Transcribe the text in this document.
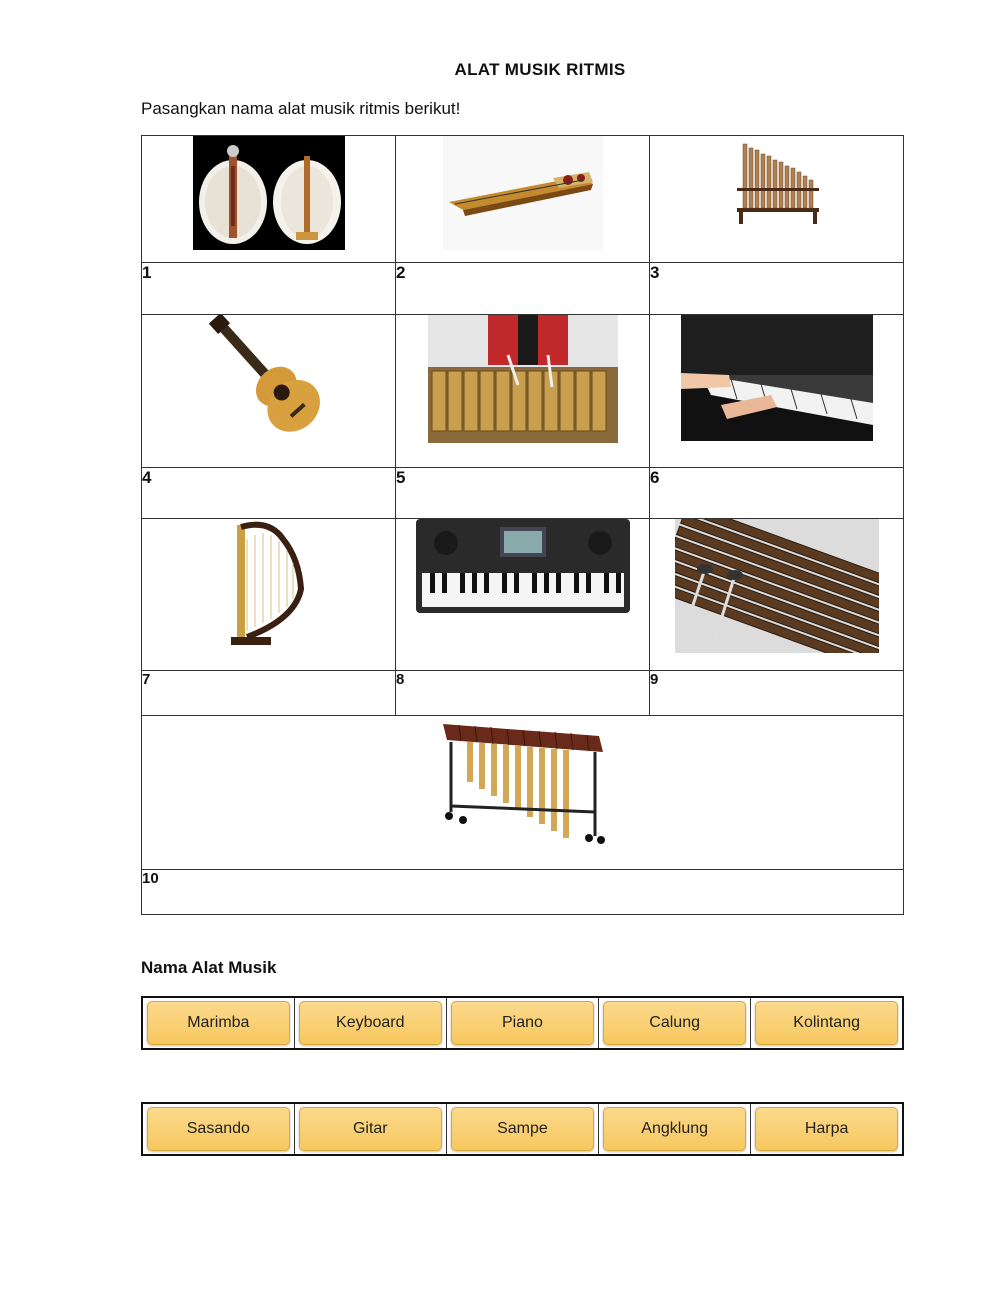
ALAT MUSIK RITMIS
Pasangkan nama alat musik ritmis berikut!

1	2	3

4	5	6

7	8	9

10		
Nama Alat Musik
Marimba	Keyboard	Piano	Calung	Kolintang
Sasando	Gitar	Sampe	Angklung	Harpa
